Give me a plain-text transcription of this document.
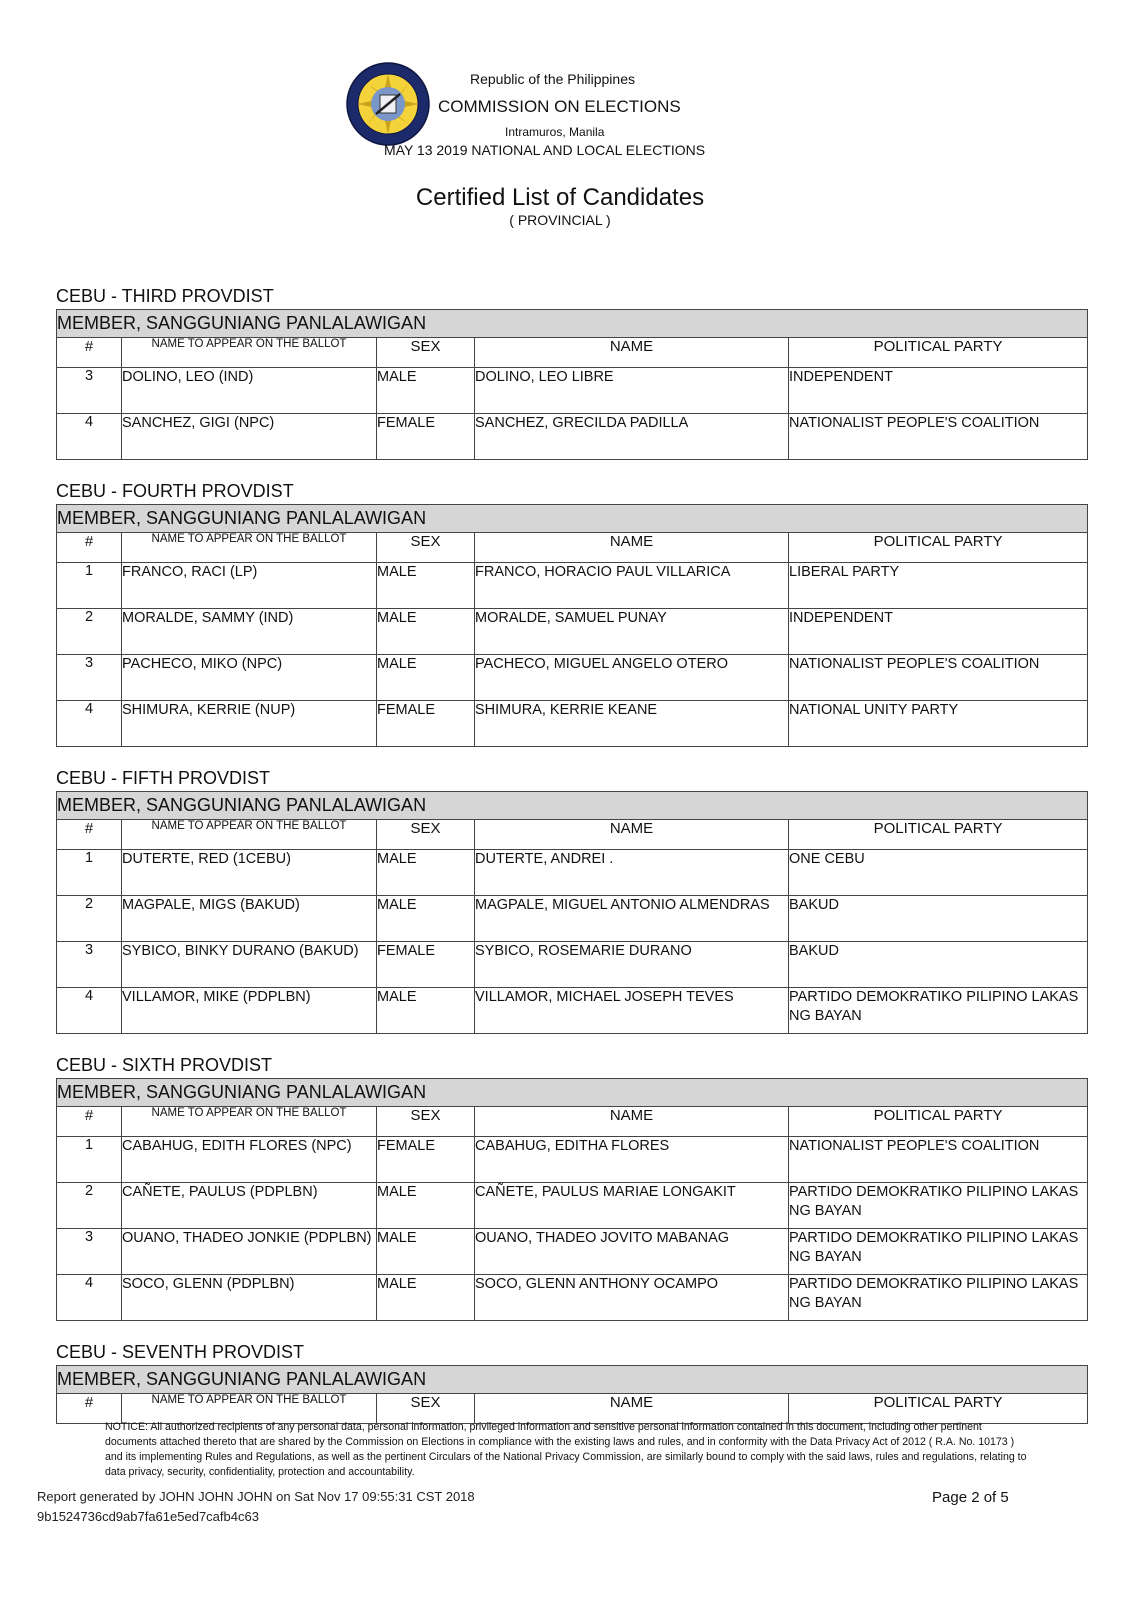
Republic of the Philippines
COMMISSION ON ELECTIONS
Intramuros, Manila
MAY 13 2019 NATIONAL AND LOCAL ELECTIONS
Certified List of Candidates
( PROVINCIAL )
CEBU - THIRD PROVDIST
MEMBER, SANGGUNIANG PANLALAWIGAN				
#	NAME TO APPEAR ON THE BALLOT	SEX	NAME	POLITICAL PARTY
3	DOLINO, LEO (IND)	MALE	DOLINO, LEO LIBRE	INDEPENDENT
4	SANCHEZ, GIGI (NPC)	FEMALE	SANCHEZ, GRECILDA PADILLA	NATIONALIST PEOPLE'S COALITION
CEBU - FOURTH PROVDIST
MEMBER, SANGGUNIANG PANLALAWIGAN				
#	NAME TO APPEAR ON THE BALLOT	SEX	NAME	POLITICAL PARTY
1	FRANCO, RACI (LP)	MALE	FRANCO, HORACIO PAUL VILLARICA	LIBERAL PARTY
2	MORALDE, SAMMY (IND)	MALE	MORALDE, SAMUEL PUNAY	INDEPENDENT
3	PACHECO, MIKO (NPC)	MALE	PACHECO, MIGUEL ANGELO OTERO	NATIONALIST PEOPLE'S COALITION
4	SHIMURA, KERRIE (NUP)	FEMALE	SHIMURA, KERRIE KEANE	NATIONAL UNITY PARTY
CEBU - FIFTH PROVDIST
MEMBER, SANGGUNIANG PANLALAWIGAN				
#	NAME TO APPEAR ON THE BALLOT	SEX	NAME	POLITICAL PARTY
1	DUTERTE, RED (1CEBU)	MALE	DUTERTE, ANDREI .	ONE CEBU
2	MAGPALE, MIGS (BAKUD)	MALE	MAGPALE, MIGUEL ANTONIO ALMENDRAS	BAKUD
3	SYBICO, BINKY DURANO (BAKUD)	FEMALE	SYBICO, ROSEMARIE DURANO	BAKUD
4	VILLAMOR, MIKE (PDPLBN)	MALE	VILLAMOR, MICHAEL JOSEPH TEVES	PARTIDO DEMOKRATIKO PILIPINO LAKAS NG BAYAN
CEBU - SIXTH PROVDIST
MEMBER, SANGGUNIANG PANLALAWIGAN				
#	NAME TO APPEAR ON THE BALLOT	SEX	NAME	POLITICAL PARTY
1	CABAHUG, EDITH FLORES (NPC)	FEMALE	CABAHUG, EDITHA FLORES	NATIONALIST PEOPLE'S COALITION
2	CAÑETE, PAULUS (PDPLBN)	MALE	CAÑETE, PAULUS MARIAE LONGAKIT	PARTIDO DEMOKRATIKO PILIPINO LAKAS NG BAYAN
3	OUANO, THADEO JONKIE (PDPLBN)	MALE	OUANO, THADEO JOVITO MABANAG	PARTIDO DEMOKRATIKO PILIPINO LAKAS NG BAYAN
4	SOCO, GLENN (PDPLBN)	MALE	SOCO, GLENN ANTHONY OCAMPO	PARTIDO DEMOKRATIKO PILIPINO LAKAS NG BAYAN
CEBU - SEVENTH PROVDIST
MEMBER, SANGGUNIANG PANLALAWIGAN
#	NAME TO APPEAR ON THE BALLOT	SEX	NAME	POLITICAL PARTY
NOTICE: All authorized recipients of any personal data, personal information, privileged information and sensitive personal information contained in this document, including other pertinent documents attached thereto that are shared by the Commission on Elections in compliance with the existing laws and rules, and in conformity with the Data Privacy Act of 2012 ( R.A. No. 10173 ) and its implementing Rules and Regulations, as well as the pertinent Circulars of the National Privacy Commission, are similarly bound to comply with the said laws, rules and regulations, relating to data privacy, security, confidentiality, protection and accountability.
Report generated by JOHN JOHN JOHN on Sat Nov 17 09:55:31 CST 2018
9b1524736cd9ab7fa61e5ed7cafb4c63
Page 2 of 5
